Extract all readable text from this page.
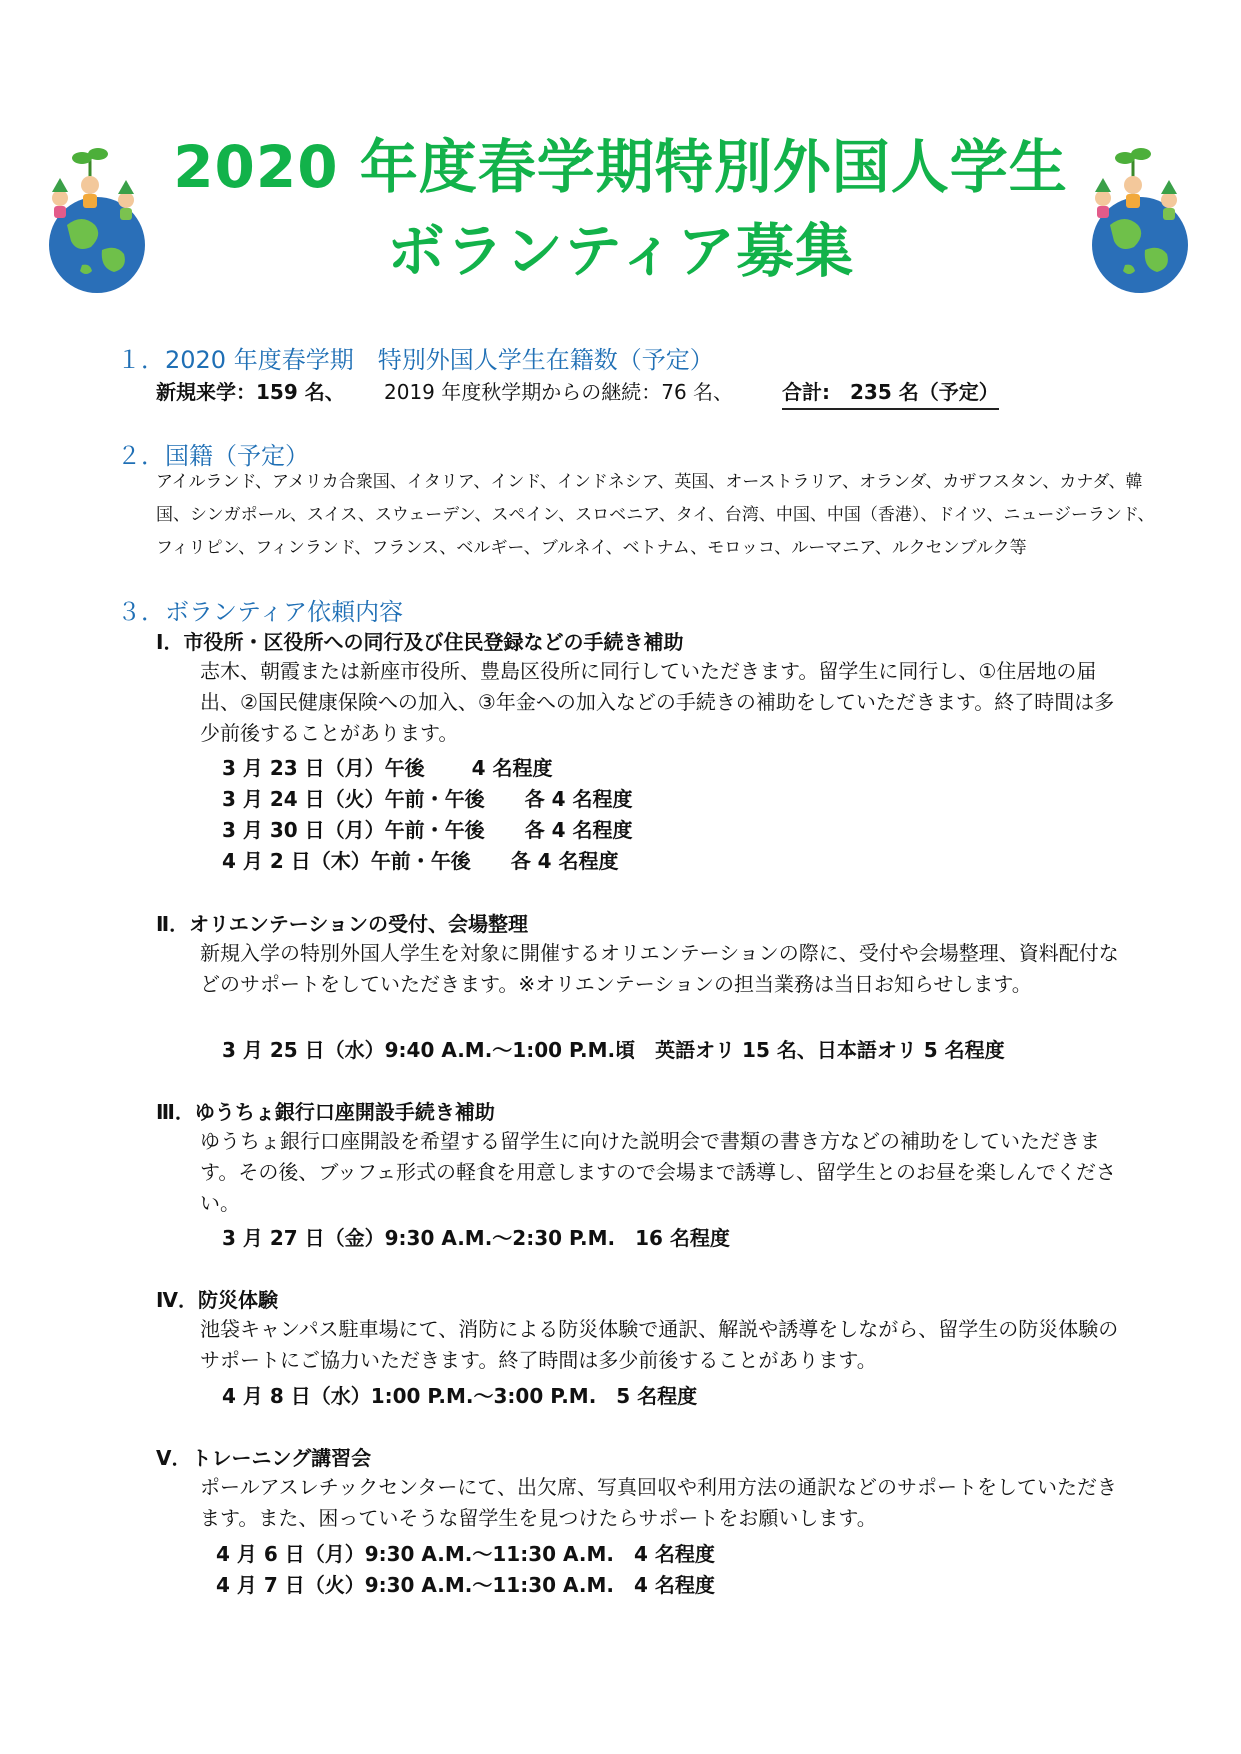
2020 年度春学期特別外国人学生
ボランティア募集

１．2020 年度春学期　特別外国人学生在籍数（予定）

新規来学：159 名、 2019 年度秋学期からの継続：76 名、 合計:　235 名（予定）

２．国籍（予定）

アイルランド、アメリカ合衆国、イタリア、インド、インドネシア、英国、オーストラリア、オランダ、カザフスタン、カナダ、韓国、シンガポール、スイス、スウェーデン、スペイン、スロベニア、タイ、台湾、中国、中国（香港）、ドイツ、ニュージーランド、フィリピン、フィンランド、フランス、ベルギー、ブルネイ、ベトナム、モロッコ、ルーマニア、ルクセンブルク等

３．ボランティア依頼内容

Ⅰ．市役所・区役所への同行及び住民登録などの手続き補助

志木、朝霞または新座市役所、豊島区役所に同行していただきます。留学生に同行し、①住居地の届出、②国民健康保険への加入、③年金への加入などの手続きの補助をしていただきます。終了時間は多少前後することがあります。

3 月 23 日（月）午後　　 4 名程度

3 月 24 日（火）午前・午後　　各 4 名程度

3 月 30 日（月）午前・午後　　各 4 名程度

4 月 2 日（木）午前・午後　　各 4 名程度

Ⅱ．オリエンテーションの受付、会場整理

新規入学の特別外国人学生を対象に開催するオリエンテーションの際に、受付や会場整理、資料配付などのサポートをしていただきます。※オリエンテーションの担当業務は当日お知らせします。

3 月 25 日（水）9:40 A.M.～1:00 P.M.頃　英語オリ 15 名、日本語オリ 5 名程度

Ⅲ．ゆうちょ銀行口座開設手続き補助

ゆうちょ銀行口座開設を希望する留学生に向けた説明会で書類の書き方などの補助をしていただきます。その後、ブッフェ形式の軽食を用意しますので会場まで誘導し、留学生とのお昼を楽しんでください。

3 月 27 日（金）9:30 A.M.～2:30 P.M.　16 名程度

Ⅳ．防災体験

池袋キャンパス駐車場にて、消防による防災体験で通訳、解説や誘導をしながら、留学生の防災体験のサポートにご協力いただきます。終了時間は多少前後することがあります。

4 月 8 日（水）1:00 P.M.～3:00 P.M.　5 名程度

V．トレーニング講習会

ポールアスレチックセンターにて、出欠席、写真回収や利用方法の通訳などのサポートをしていただきます。また、困っていそうな留学生を見つけたらサポートをお願いします。

4 月 6 日（月）9:30 A.M.～11:30 A.M.　4 名程度

4 月 7 日（火）9:30 A.M.～11:30 A.M.　4 名程度
